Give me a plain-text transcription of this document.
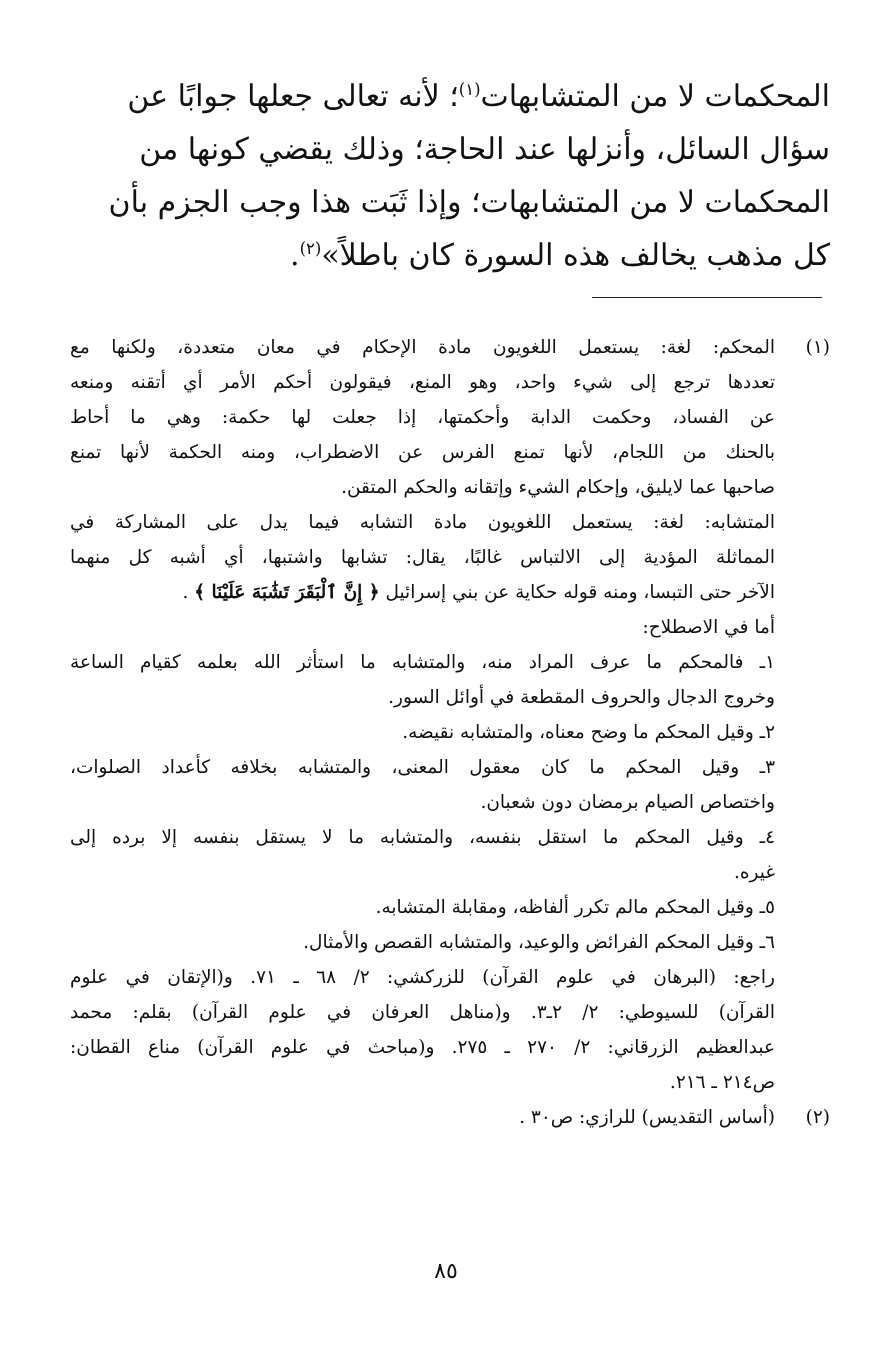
المحكمات لا من المتشابهات$^{(١)}$؛ لأنه تعالى جعلها جوابًا عن
سؤال السائل، وأنزلها عند الحاجة؛ وذلك يقضي كونها من
المحكمات لا من المتشابهات؛ وإذا ثَبَت هذا وجب الجزم بأن
كل مذهب يخالف هذه السورة كان باطلاً»$^{(٢)}$.
(١)
المحكم: لغة: يستعمل اللغويون مادة الإحكام في معان متعددة، ولكنها مع
تعددها ترجع إلى شيء واحد، وهو المنع، فيقولون أحكم الأمر أي أتقنه ومنعه
عن الفساد، وحكمت الدابة وأحكمتها، إذا جعلت لها حكمة: وهي ما أحاط
بالحنك من اللجام، لأنها تمنع الفرس عن الاضطراب، ومنه الحكمة لأنها تمنع
صاحبها عما لايليق، وإحكام الشيء وإتقانه والحكم المتقن.
المتشابه: لغة: يستعمل اللغويون مادة التشابه فيما يدل على المشاركة في
المماثلة المؤدية إلى الالتباس غالبًا، يقال: تشابها واشتبها، أي أشبه كل منهما
الآخر حتى التبسا، ومنه قوله حكاية عن بني إسرائيل ﴿ إِنَّ ٱلْبَقَرَ تَشَٰبَهَ عَلَيْنَا ﴾ .
أما في الاصطلاح:
١ـ فالمحكم ما عرف المراد منه، والمتشابه ما استأثر الله بعلمه كقيام الساعة
وخروج الدجال والحروف المقطعة في أوائل السور.
٢ـ وقيل المحكم ما وضح معناه، والمتشابه نقيضه.
٣ـ وقيل المحكم ما كان معقول المعنى، والمتشابه بخلافه كأعداد الصلوات،
واختصاص الصيام برمضان دون شعبان.
٤ـ وقيل المحكم ما استقل بنفسه، والمتشابه ما لا يستقل بنفسه إلا برده إلى
غيره.
٥ـ وقيل المحكم مالم تكرر ألفاظه، ومقابلة المتشابه.
٦ـ وقيل المحكم الفرائض والوعيد، والمتشابه القصص والأمثال.
راجع: (البرهان في علوم القرآن) للزركشي: ٢/ ٦٨ ـ ٧١. و(الإتقان في علوم
القرآن) للسيوطي: ٢/ ٢ـ٣. و(مناهل العرفان في علوم القرآن) بقلم: محمد
عبدالعظيم الزرقاني: ٢/ ٢٧٠ ـ ٢٧٥. و(مباحث في علوم القرآن) مناع القطان:
ص٢١٤ ـ ٢١٦.
(٢)
(أساس التقديس) للرازي: ص٣٠ .
٨٥
